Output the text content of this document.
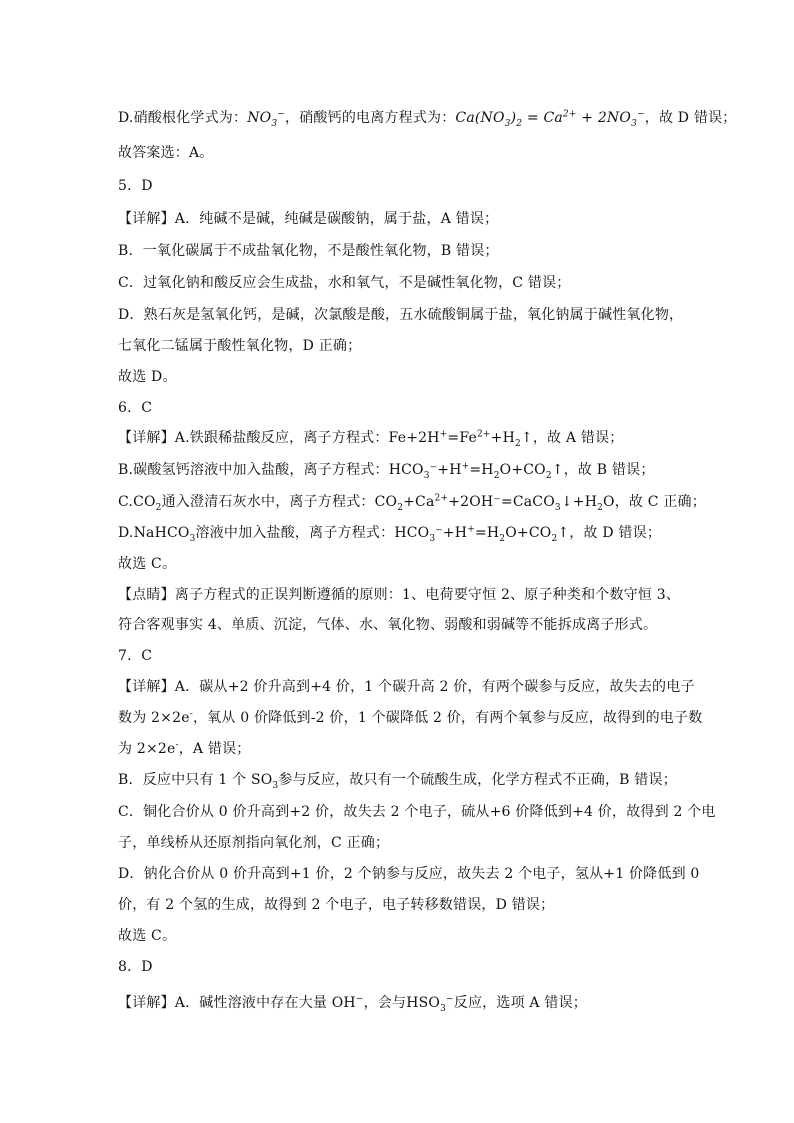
D.硝酸根化学式为：$NO_3^-$，硝酸钙的电离方程式为：$Ca(NO_3)_2 = Ca^{2+} + 2NO_3^-$，故 D 错误；
故答案选：A。
5．D
【详解】A．纯碱不是碱，纯碱是碳酸钠，属于盐，A 错误；
B．一氧化碳属于不成盐氧化物，不是酸性氧化物，B 错误；
C．过氧化钠和酸反应会生成盐，水和氧气，不是碱性氧化物，C 错误；
D．熟石灰是氢氧化钙，是碱，次氯酸是酸，五水硫酸铜属于盐，氧化钠属于碱性氧化物，
七氧化二锰属于酸性氧化物，D 正确；
故选 D。
6．C
【详解】A.铁跟稀盐酸反应，离子方程式：$Fe+2H^+=Fe^{2+}+H_2↑$，故 A 错误；
B.碳酸氢钙溶液中加入盐酸，离子方程式：$HCO_3^-+H^+=H_2O+CO_2↑$，故 B 错误；
$C.CO_2$通入澄清石灰水中，离子方程式：$CO_2+Ca^{2+}+2OH^-=CaCO_3↓+H_2O$，故 C 正确；
D.NaHCO$_3$溶液中加入盐酸，离子方程式：$HCO_3^-+H^+=H_2O+CO_2↑$，故 D 错误；
故选 C。
【点睛】离子方程式的正误判断遵循的原则：1、电荷要守恒 2、原子种类和个数守恒 3、
符合客观事实 4、单质、沉淀，气体、水、氧化物、弱酸和弱碱等不能拆成离子形式。
7．C
【详解】A．碳从+2 价升高到+4 价，1 个碳升高 2 价，有两个碳参与反应，故失去的电子
数为 2×2e-，氧从 0 价降低到-2 价，1 个碳降低 2 价，有两个氧参与反应，故得到的电子数
为 2×2e-，A 错误；
B．反应中只有 1 个 $SO_3$参与反应，故只有一个硫酸生成，化学方程式不正确，B 错误；
C．铜化合价从 0 价升高到+2 价，故失去 2 个电子，硫从+6 价降低到+4 价，故得到 2 个电
子，单线桥从还原剂指向氧化剂，C 正确；
D．钠化合价从 0 价升高到+1 价，2 个钠参与反应，故失去 2 个电子，氢从+1 价降低到 0
价，有 2 个氢的生成，故得到 2 个电子，电子转移数错误，D 错误；
故选 C。
8．D
【详解】A．碱性溶液中存在大量 OH−，会与$HSO_3^-$反应，选项 A 错误；
